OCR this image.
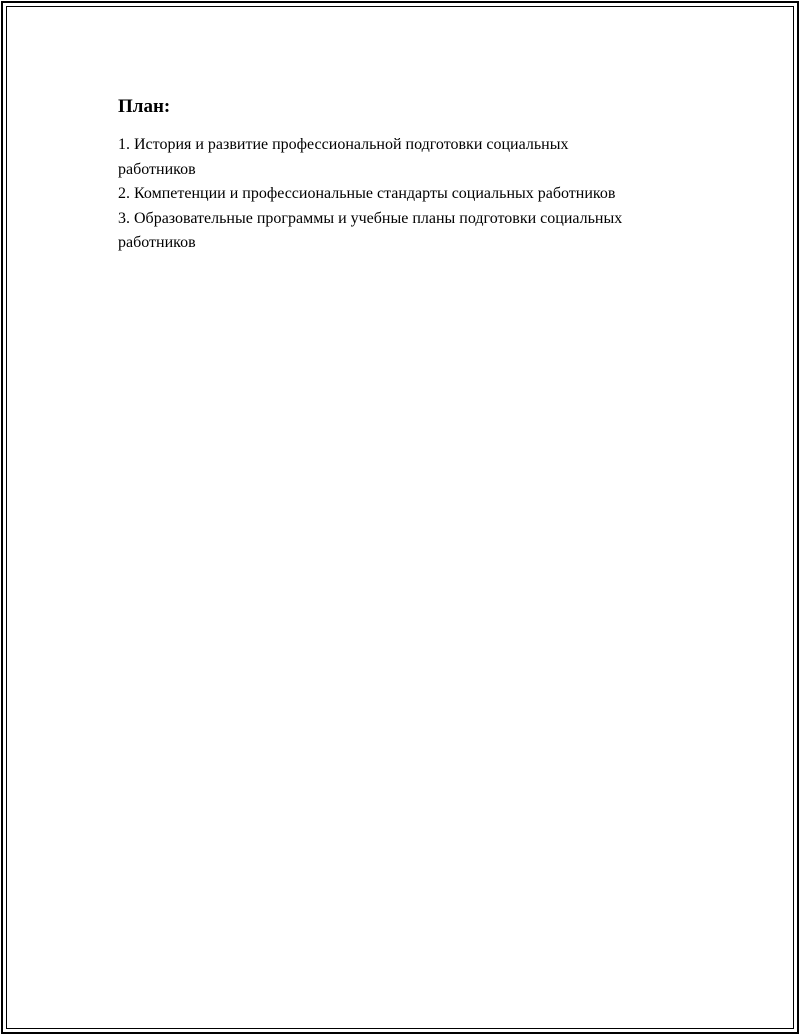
План:

1. История и развитие профессиональной подготовки социальных работников

2. Компетенции и профессиональные стандарты социальных работников

3. Образовательные программы и учебные планы подготовки социальных работников
